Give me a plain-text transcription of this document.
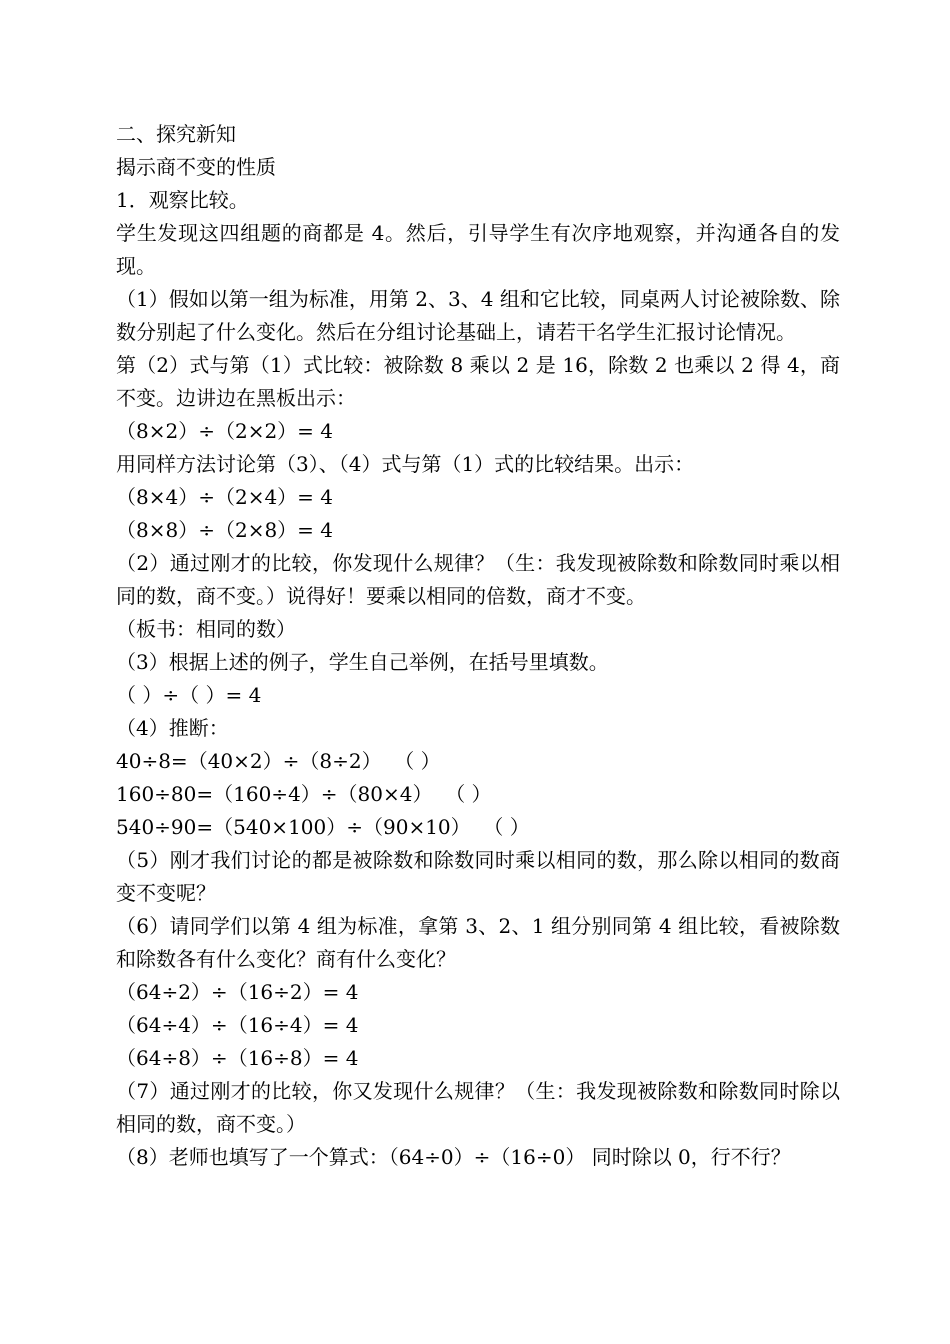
二、探究新知
揭示商不变的性质
1．观察比较。
学生发现这四组题的商都是 4。然后，引导学生有次序地观察，并沟通各自的发现。
（1）假如以第一组为标准，用第 2、3、4 组和它比较，同桌两人讨论被除数、除数分别起了什么变化。然后在分组讨论基础上，请若干名学生汇报讨论情况。
第（2）式与第（1）式比较：被除数 8 乘以 2 是 16，除数 2 也乘以 2 得 4，商不变。边讲边在黑板出示：
（8×2）÷（2×2）= 4
用同样方法讨论第（3）、（4）式与第（1）式的比较结果。出示：
（8×4）÷（2×4）= 4
（8×8）÷（2×8）= 4
（2）通过刚才的比较，你发现什么规律？（生：我发现被除数和除数同时乘以相同的数，商不变。）说得好！要乘以相同的倍数，商才不变。
（板书：相同的数）
（3）根据上述的例子，学生自己举例，在括号里填数。
（ ）÷（ ）= 4
（4）推断：
40÷8=（40×2）÷（8÷2）  （ ）
160÷80=（160÷4）÷（80×4）  （ ）
540÷90=（540×100）÷（90×10）  （ ）
（5）刚才我们讨论的都是被除数和除数同时乘以相同的数，那么除以相同的数商变不变呢？
（6）请同学们以第 4 组为标准，拿第 3、2、1 组分别同第 4 组比较，看被除数和除数各有什么变化？商有什么变化？
（64÷2）÷（16÷2）= 4
（64÷4）÷（16÷4）= 4
（64÷8）÷（16÷8）= 4
（7）通过刚才的比较，你又发现什么规律？（生：我发现被除数和除数同时除以相同的数，商不变。）
（8）老师也填写了一个算式：（64÷0）÷（16÷0） 同时除以 0，行不行？
